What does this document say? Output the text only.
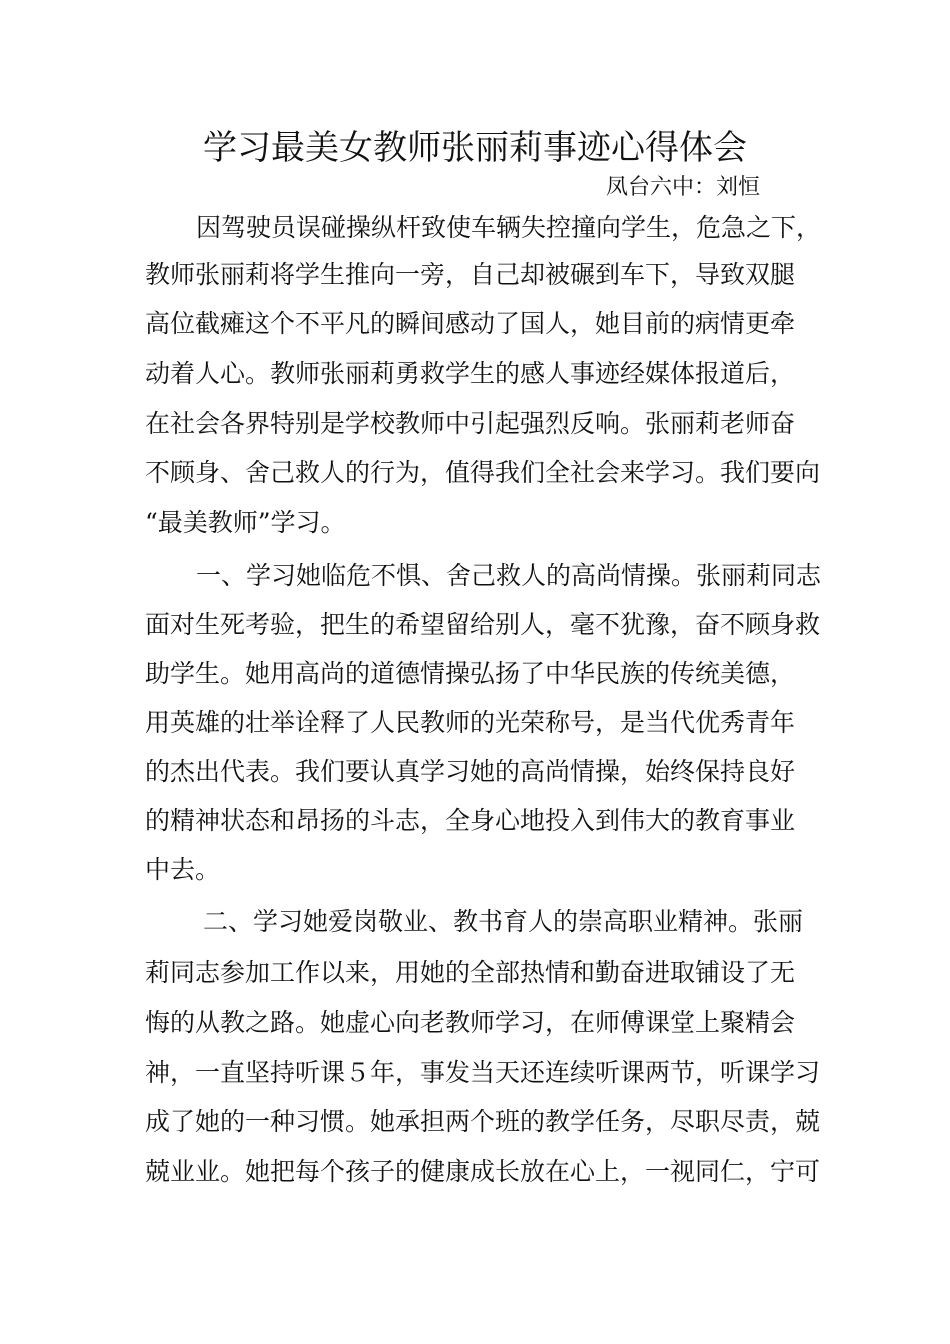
学习最美女教师张丽莉事迹心得体会
凤台六中：刘恒
因驾驶员误碰操纵杆致使车辆失控撞向学生，危急之下，
教师张丽莉将学生推向一旁，自己却被碾到车下，导致双腿
高位截瘫这个不平凡的瞬间感动了国人，她目前的病情更牵
动着人心。教师张丽莉勇救学生的感人事迹经媒体报道后，
在社会各界特别是学校教师中引起强烈反响。张丽莉老师奋
不顾身、舍己救人的行为，值得我们全社会来学习。我们要向
“最美教师”学习。
一、学习她临危不惧、舍己救人的高尚情操。张丽莉同志
面对生死考验，把生的希望留给别人，毫不犹豫，奋不顾身救
助学生。她用高尚的道德情操弘扬了中华民族的传统美德，
用英雄的壮举诠释了人民教师的光荣称号，是当代优秀青年
的杰出代表。我们要认真学习她的高尚情操，始终保持良好
的精神状态和昂扬的斗志，全身心地投入到伟大的教育事业
中去。
二、学习她爱岗敬业、教书育人的崇高职业精神。张丽
莉同志参加工作以来，用她的全部热情和勤奋进取铺设了无
悔的从教之路。她虚心向老教师学习，在师傅课堂上聚精会
神，一直坚持听课５年，事发当天还连续听课两节，听课学习
成了她的一种习惯。她承担两个班的教学任务，尽职尽责，兢
兢业业。她把每个孩子的健康成长放在心上，一视同仁，宁可
